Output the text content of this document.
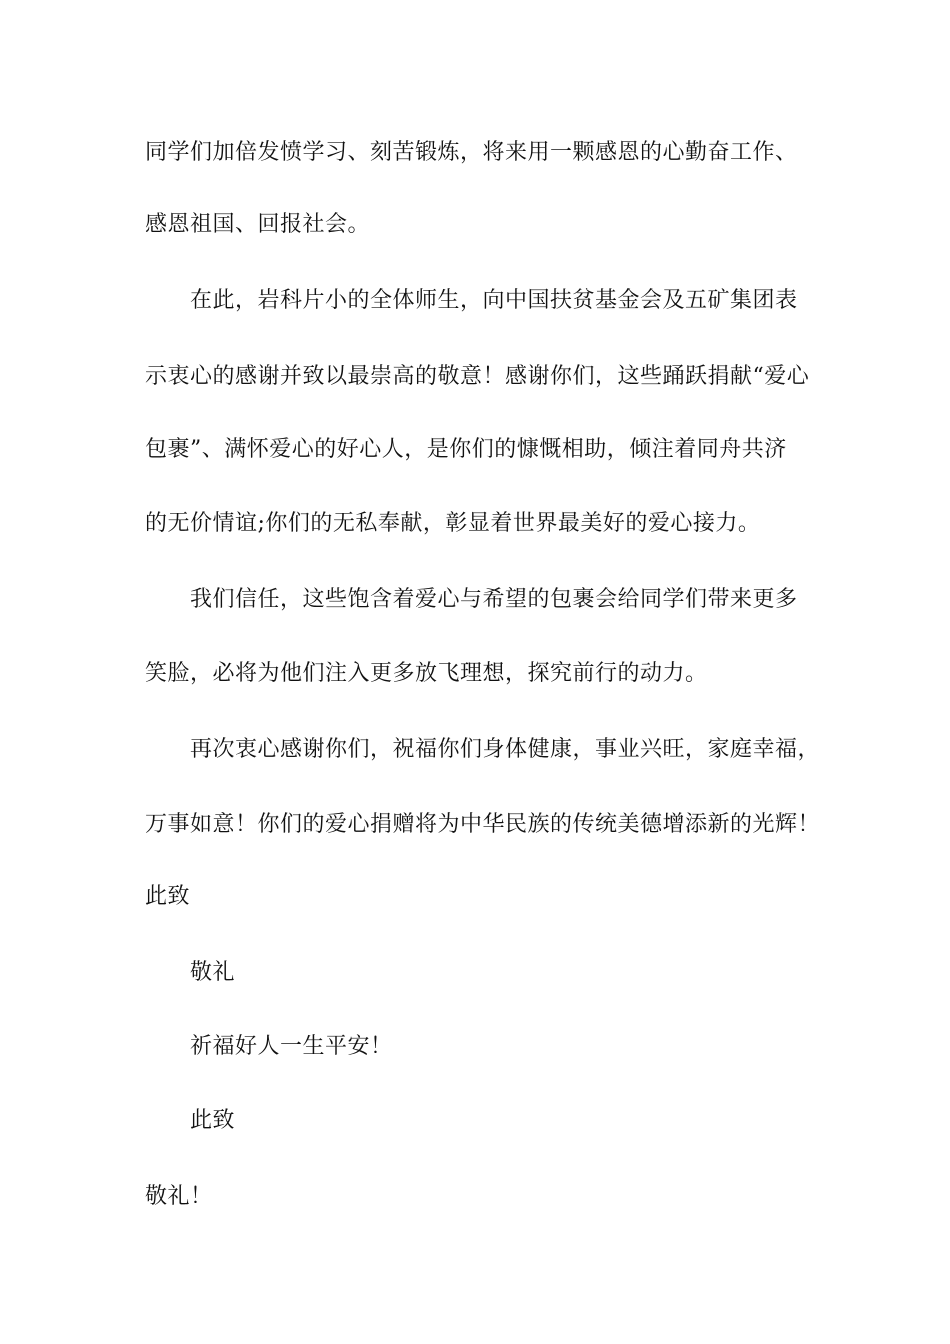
同学们加倍发愤学习、刻苦锻炼，将来用一颗感恩的心勤奋工作、
感恩祖国、回报社会。
在此，岩科片小的全体师生，向中国扶贫基金会及五矿集团表
示衷心的感谢并致以最崇高的敬意！感谢你们，这些踊跃捐献“爱心
包裹”、满怀爱心的好心人，是你们的慷慨相助，倾注着同舟共济
的无价情谊;你们的无私奉献，彰显着世界最美好的爱心接力。
我们信任，这些饱含着爱心与希望的包裹会给同学们带来更多
笑脸，必将为他们注入更多放飞理想，探究前行的动力。
再次衷心感谢你们，祝福你们身体健康，事业兴旺，家庭幸福，
万事如意！你们的爱心捐赠将为中华民族的传统美德增添新的光辉！
此致
敬礼
祈福好人一生平安！
此致
敬礼！
